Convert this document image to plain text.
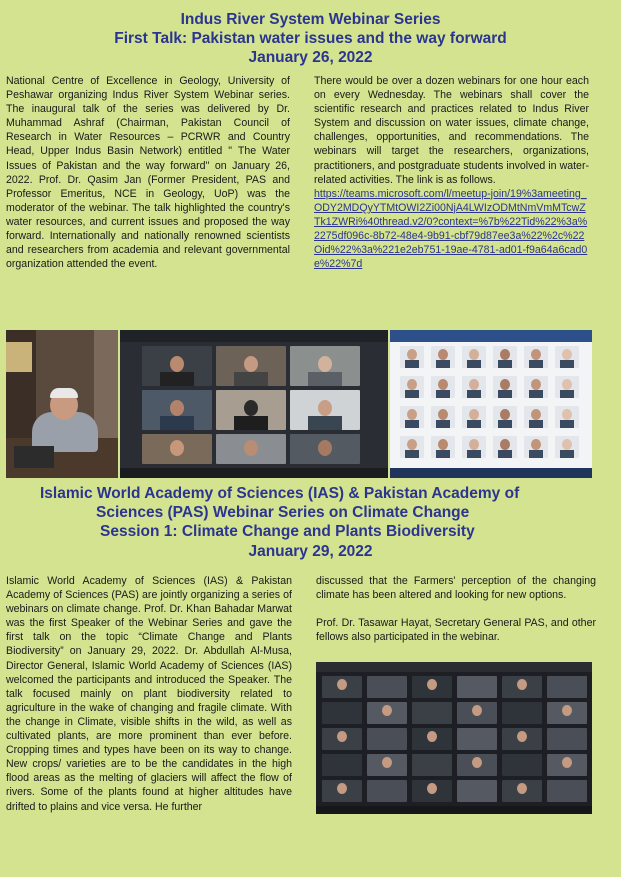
Indus River System Webinar Series
First Talk: Pakistan water issues and the way forward
January 26, 2022

National Centre of Excellence in Geology, University of Peshawar organizing Indus River System Webinar series. The inaugural talk of the series was delivered by Dr. Muhammad Ashraf (Chairman, Pakistan Council of Research in Water Resources – PCRWR and Country Head, Upper Indus Basin Network) entitled " The Water Issues of Pakistan and the way forward" on January 26, 2022. Prof. Dr. Qasim Jan (Former President, PAS and Professor Emeritus, NCE in Geology, UoP) was the moderator of the webinar. The talk highlighted the country's water resources, and current issues and proposed the way forward. Internationally and nationally renowned scientists and researchers from academia and relevant governmental organization attended the event.

There would be over a dozen webinars for one hour each on every Wednesday. The webinars shall cover the scientific research and practices related to Indus River System and discussion on water issues, climate change, challenges, opportunities, and recommendations. The webinars will target the researchers, organizations, practitioners, and postgraduate students involved in water-related activities. The link is as follows.

https://teams.microsoft.com/l/meetup-join/19%3ameeting_ODY2MDQyYTMtOWI2Zi00NjA4LWIzODMtNmVmMTcwZTk1ZWRi%40thread.v2/0?context=%7b%22Tid%22%3a%2275df096c-8b72-48e4-9b91-cbf79d87ee3a%22%2c%22Oid%22%3a%221e2eb751-19ae-4781-ad01-f9a64a6cad0e%22%7d

Islamic World Academy of Sciences (IAS) & Pakistan Academy of
Sciences (PAS) Webinar Series on Climate Change
Session 1: Climate Change and Plants Biodiversity
January 29, 2022

Islamic World Academy of Sciences (IAS) & Pakistan Academy of Sciences (PAS) are jointly organizing a series of webinars on climate change. Prof. Dr. Khan Bahadar Marwat was the first Speaker of the Webinar Series and gave the first talk on the topic “Climate Change and Plants Biodiversity” on January 29, 2022. Dr. Abdullah Al-Musa, Director General, Islamic World Academy of Sciences (IAS) welcomed the participants and introduced the Speaker. The talk focused mainly on plant biodiversity related to agriculture in the wake of changing and fragile climate. With the change in Climate, visible shifts in the wild, as well as cultivated plants, are more prominent than ever before. Cropping times and types have been on its way to change. New crops/ varieties are to be the candidates in the high flood areas as the melting of glaciers will affect the flow of rivers. Some of the plants found at higher altitudes have drifted to plains and vice versa. He further

discussed that the Farmers' perception of the changing climate has been altered and looking for new options.

Prof. Dr. Tasawar Hayat, Secretary General PAS, and other fellows also participated in the webinar.
